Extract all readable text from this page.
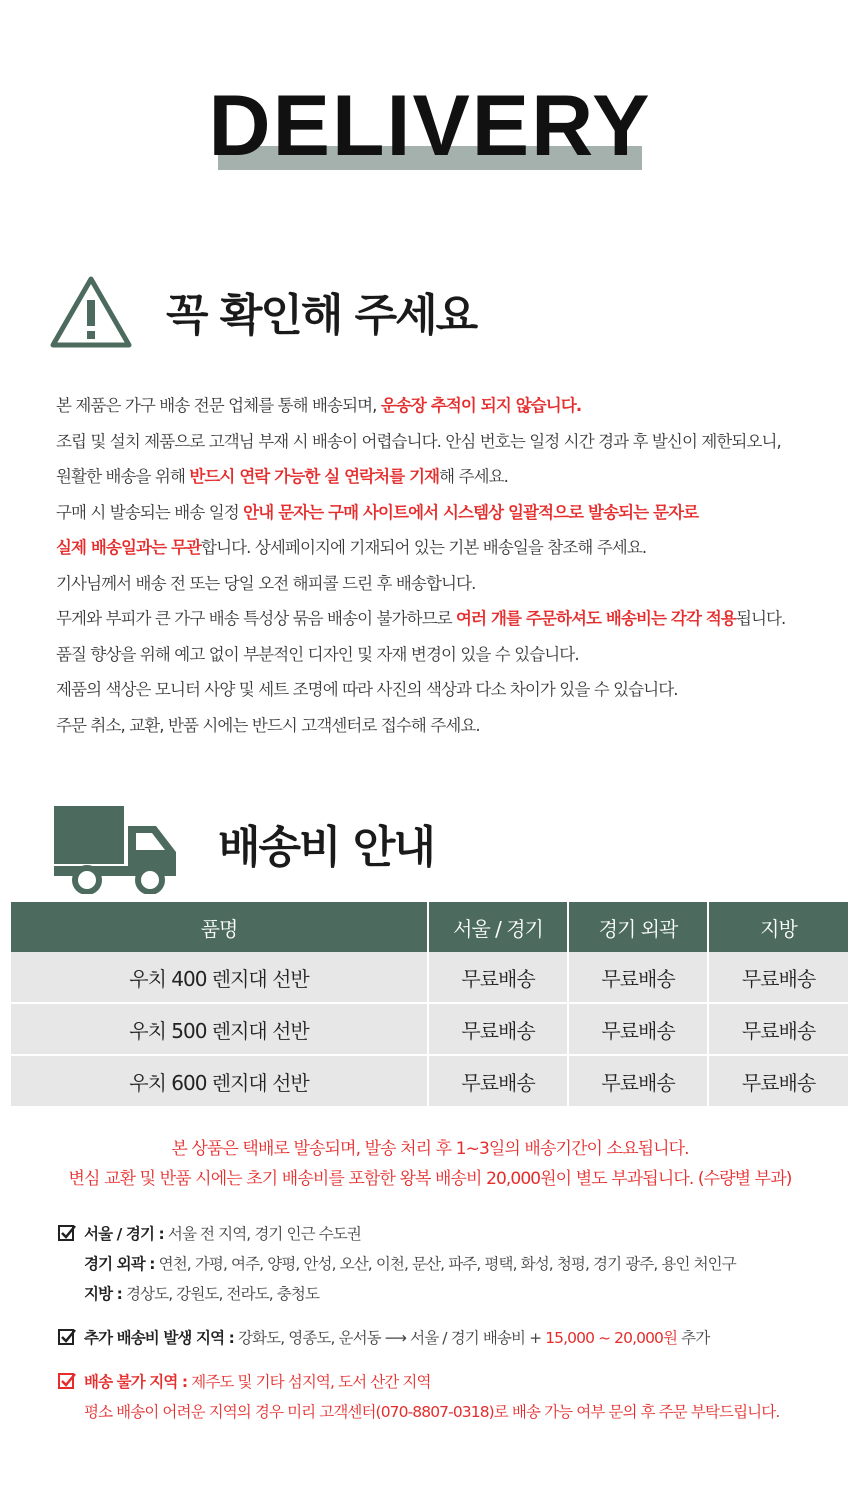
DELIVERY
꼭 확인해 주세요
본 제품은 가구 배송 전문 업체를 통해 배송되며, 운송장 추적이 되지 않습니다.
조립 및 설치 제품으로 고객님 부재 시 배송이 어렵습니다. 안심 번호는 일정 시간 경과 후 발신이 제한되오니,
원활한 배송을 위해 반드시 연락 가능한 실 연락처를 기재해 주세요.
구매 시 발송되는 배송 일정 안내 문자는 구매 사이트에서 시스템상 일괄적으로 발송되는 문자로
실제 배송일과는 무관합니다. 상세페이지에 기재되어 있는 기본 배송일을 참조해 주세요.
기사님께서 배송 전 또는 당일 오전 해피콜 드린 후 배송합니다.
무게와 부피가 큰 가구 배송 특성상 묶음 배송이 불가하므로 여러 개를 주문하셔도 배송비는 각각 적용됩니다.
품질 향상을 위해 예고 없이 부분적인 디자인 및 자재 변경이 있을 수 있습니다.
제품의 색상은 모니터 사양 및 세트 조명에 따라 사진의 색상과 다소 차이가 있을 수 있습니다.
주문 취소, 교환, 반품 시에는 반드시 고객센터로 접수해 주세요.
배송비 안내
품명	서울 / 경기	경기 외곽	지방
우치 400 렌지대 선반	무료배송	무료배송	무료배송
우치 500 렌지대 선반	무료배송	무료배송	무료배송
우치 600 렌지대 선반	무료배송	무료배송	무료배송
본 상품은 택배로 발송되며, 발송 처리 후 1~3일의 배송기간이 소요됩니다.
변심 교환 및 반품 시에는 초기 배송비를 포함한 왕복 배송비 20,000원이 별도 부과됩니다. (수량별 부과)
서울 / 경기 : 서울 전 지역, 경기 인근 수도권
경기 외곽 : 연천, 가평, 여주, 양평, 안성, 오산, 이천, 문산, 파주, 평택, 화성, 청평, 경기 광주, 용인 처인구
지방 : 경상도, 강원도, 전라도, 충청도
추가 배송비 발생 지역 : 강화도, 영종도, 운서동 ⟶ 서울 / 경기 배송비 + 15,000 ~ 20,000원 추가
배송 불가 지역 : 제주도 및 기타 섬지역, 도서 산간 지역
평소 배송이 어려운 지역의 경우 미리 고객센터(070-8807-0318)로 배송 가능 여부 문의 후 주문 부탁드립니다.
